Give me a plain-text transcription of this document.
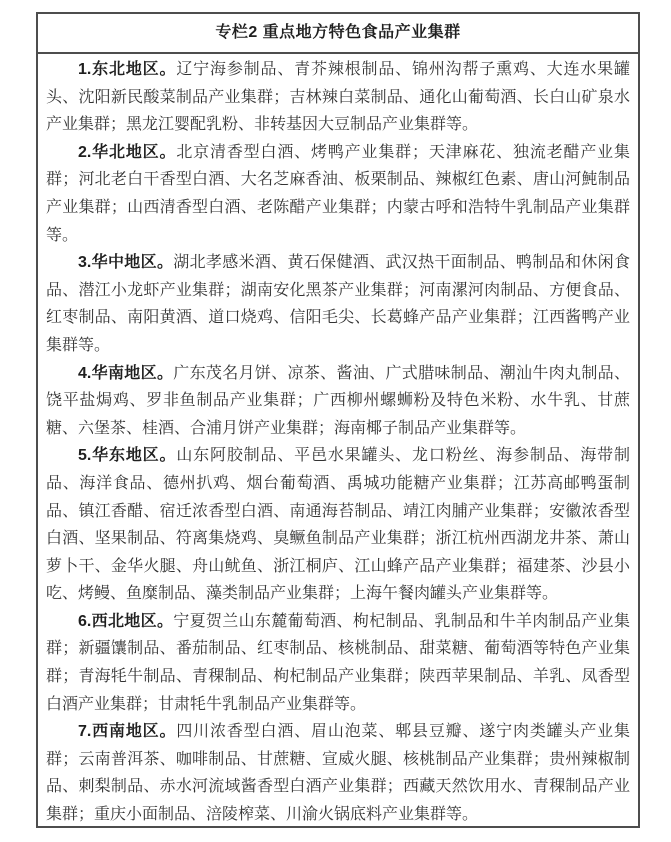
专栏2 重点地方特色食品产业集群

1.东北地区。辽宁海参制品、青芥辣根制品、锦州沟帮子熏鸡、大连水果罐头、沈阳新民酸菜制品产业集群；吉林辣白菜制品、通化山葡萄酒、长白山矿泉水产业集群；黑龙江婴配乳粉、非转基因大豆制品产业集群等。

2.华北地区。北京清香型白酒、烤鸭产业集群；天津麻花、独流老醋产业集群；河北老白干香型白酒、大名芝麻香油、板栗制品、辣椒红色素、唐山河魨制品产业集群；山西清香型白酒、老陈醋产业集群；内蒙古呼和浩特牛乳制品产业集群等。

3.华中地区。湖北孝感米酒、黄石保健酒、武汉热干面制品、鸭制品和休闲食品、潜江小龙虾产业集群；湖南安化黑茶产业集群；河南漯河肉制品、方便食品、红枣制品、南阳黄酒、道口烧鸡、信阳毛尖、长葛蜂产品产业集群；江西酱鸭产业集群等。

4.华南地区。广东茂名月饼、凉茶、酱油、广式腊味制品、潮汕牛肉丸制品、饶平盐焗鸡、罗非鱼制品产业集群；广西柳州螺蛳粉及特色米粉、水牛乳、甘蔗糖、六堡茶、桂酒、合浦月饼产业集群；海南椰子制品产业集群等。

5.华东地区。山东阿胶制品、平邑水果罐头、龙口粉丝、海参制品、海带制品、海洋食品、德州扒鸡、烟台葡萄酒、禹城功能糖产业集群；江苏高邮鸭蛋制品、镇江香醋、宿迁浓香型白酒、南通海苔制品、靖江肉脯产业集群；安徽浓香型白酒、坚果制品、符离集烧鸡、臭鳜鱼制品产业集群；浙江杭州西湖龙井茶、萧山萝卜干、金华火腿、舟山鱿鱼、浙江桐庐、江山蜂产品产业集群；福建茶、沙县小吃、烤鳗、鱼糜制品、藻类制品产业集群；上海午餐肉罐头产业集群等。

6.西北地区。宁夏贺兰山东麓葡萄酒、枸杞制品、乳制品和牛羊肉制品产业集群；新疆馕制品、番茄制品、红枣制品、核桃制品、甜菜糖、葡萄酒等特色产业集群；青海牦牛制品、青稞制品、枸杞制品产业集群；陕西苹果制品、羊乳、凤香型白酒产业集群；甘肃牦牛乳制品产业集群等。

7.西南地区。四川浓香型白酒、眉山泡菜、郫县豆瓣、遂宁肉类罐头产业集群；云南普洱茶、咖啡制品、甘蔗糖、宣威火腿、核桃制品产业集群；贵州辣椒制品、刺梨制品、赤水河流域酱香型白酒产业集群；西藏天然饮用水、青稞制品产业集群；重庆小面制品、涪陵榨菜、川渝火锅底料产业集群等。
